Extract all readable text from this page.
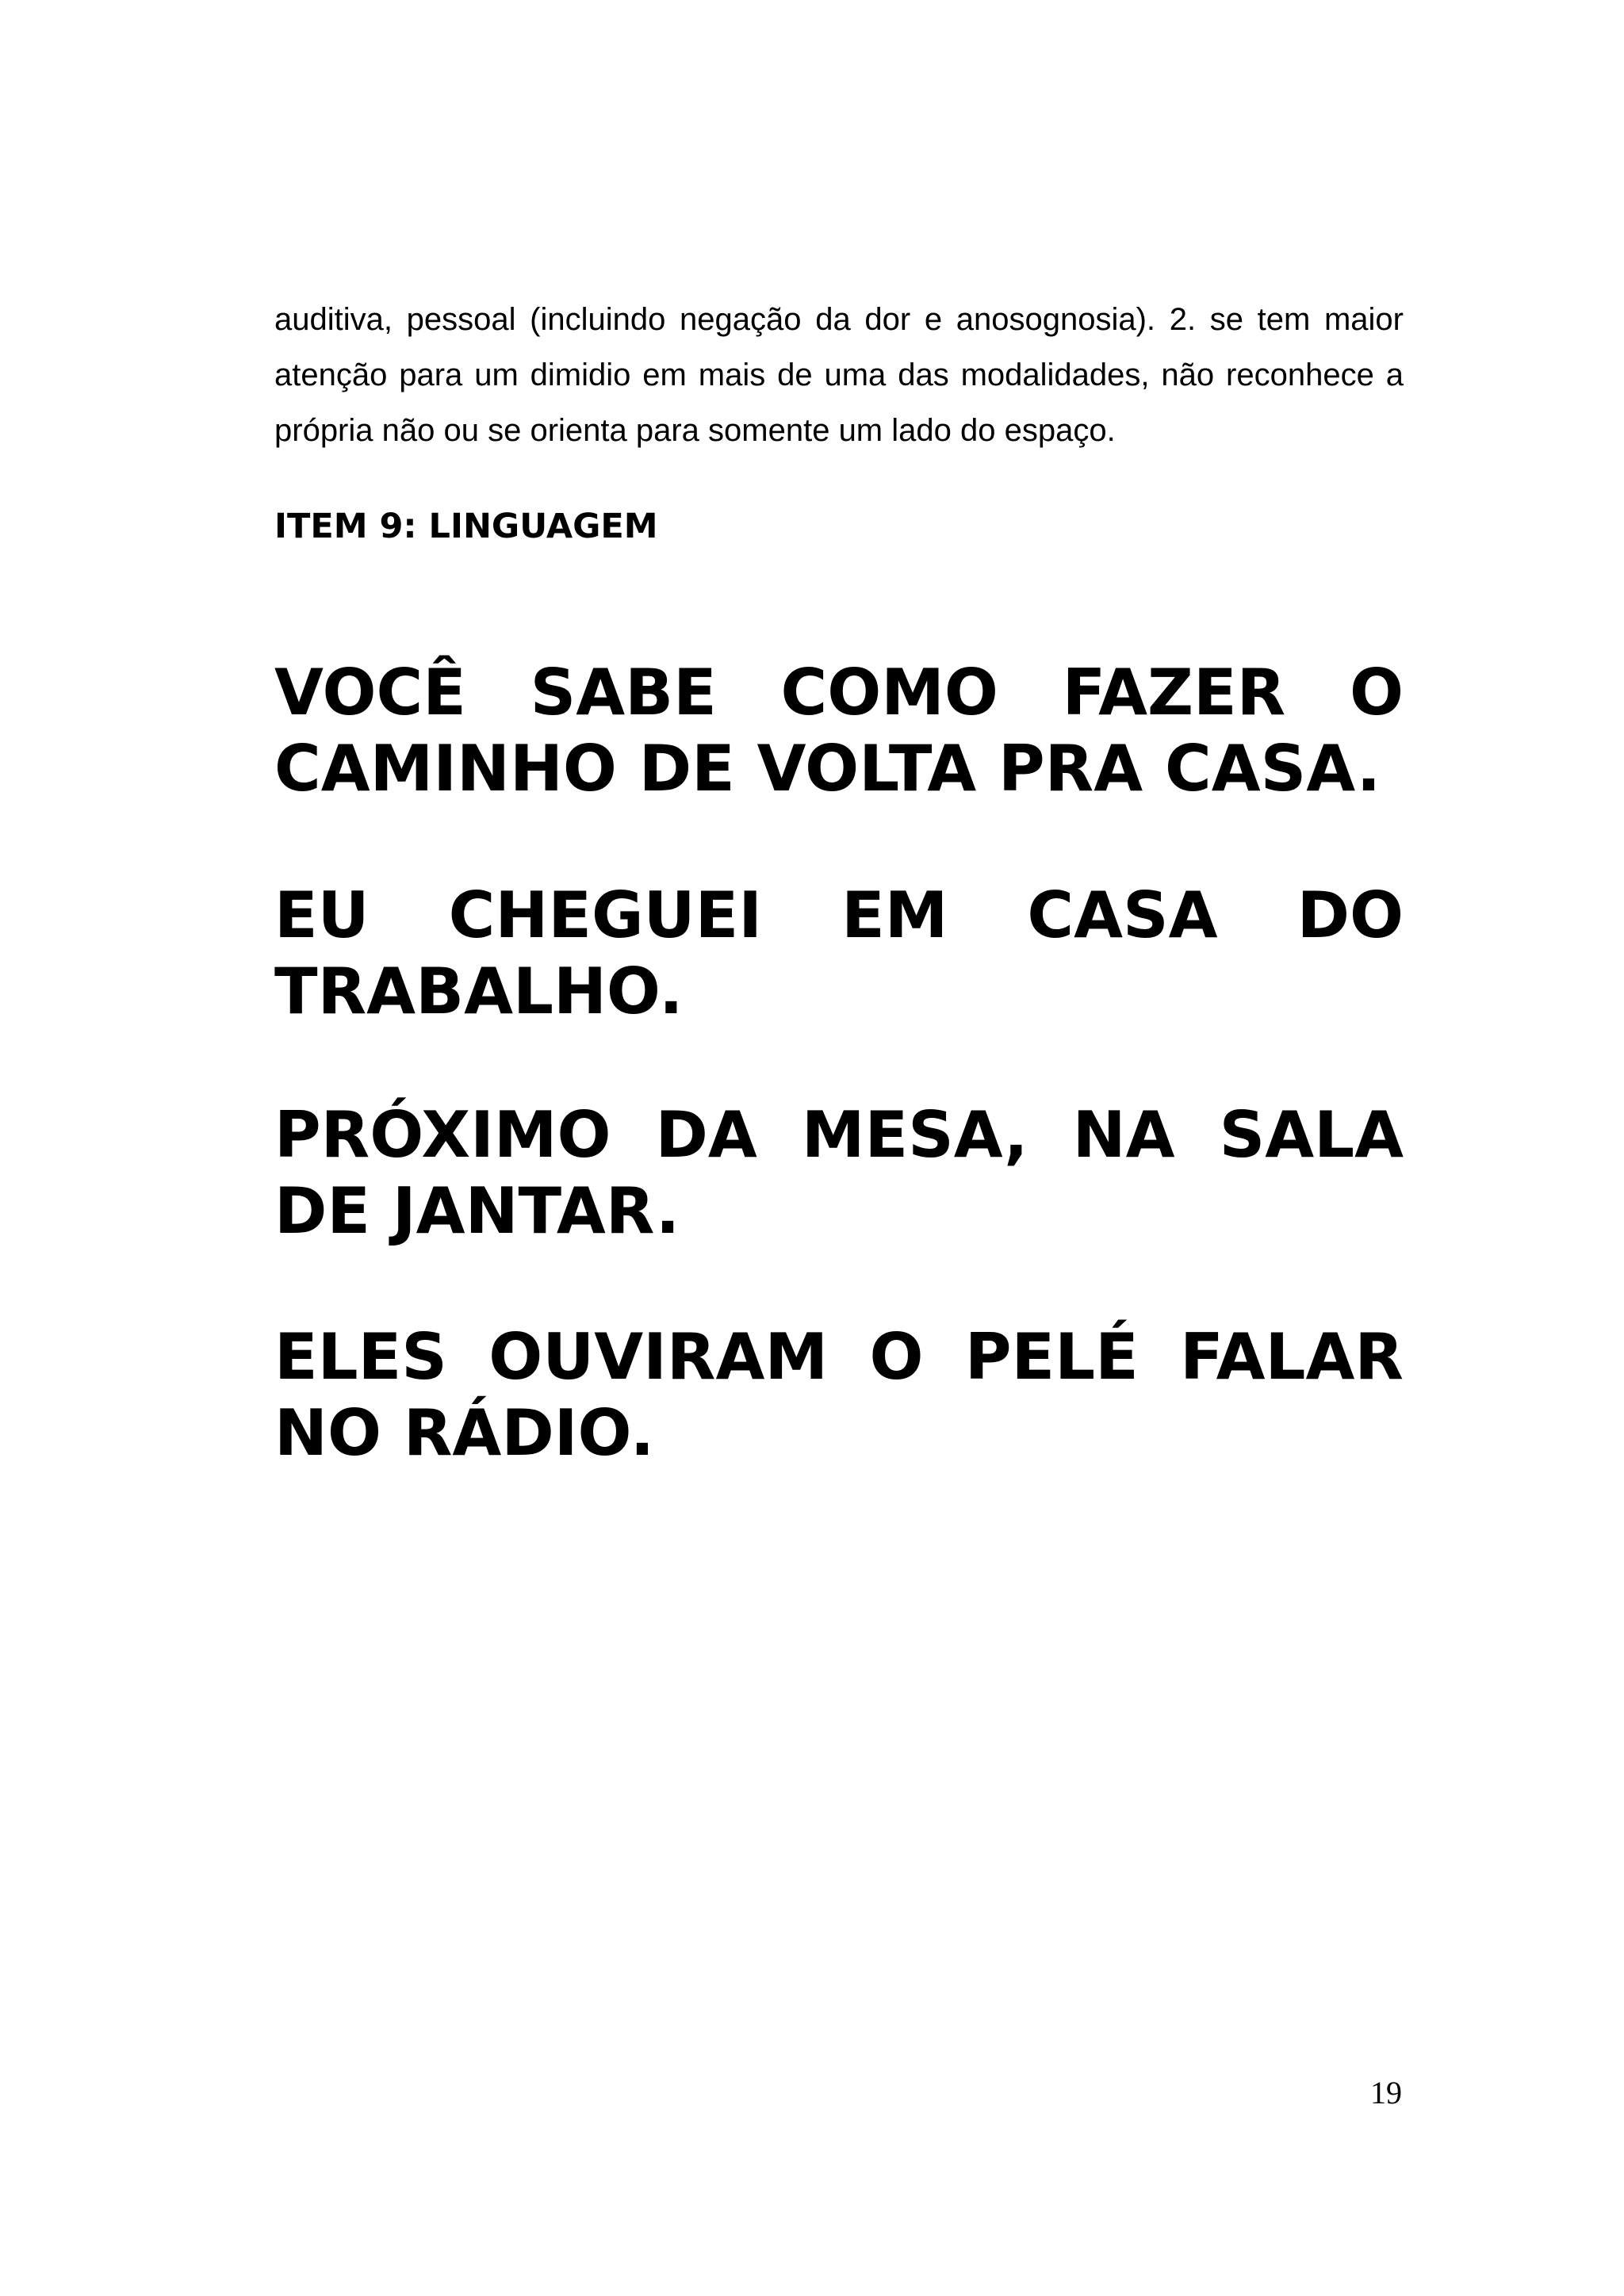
auditiva, pessoal (incluindo negação da dor e anosognosia). 2. se tem maior atenção para um dimidio em mais de uma das modalidades, não reconhece a própria não ou se orienta para somente um lado do espaço.

ITEM 9: LINGUAGEM

VOCÊ SABE COMO FAZER O CAMINHO DE VOLTA PRA CASA.

EU CHEGUEI EM CASA DO TRABALHO.

PRÓXIMO DA MESA, NA SALA DE JANTAR.

ELES OUVIRAM O PELÉ FALAR NO RÁDIO.

19
